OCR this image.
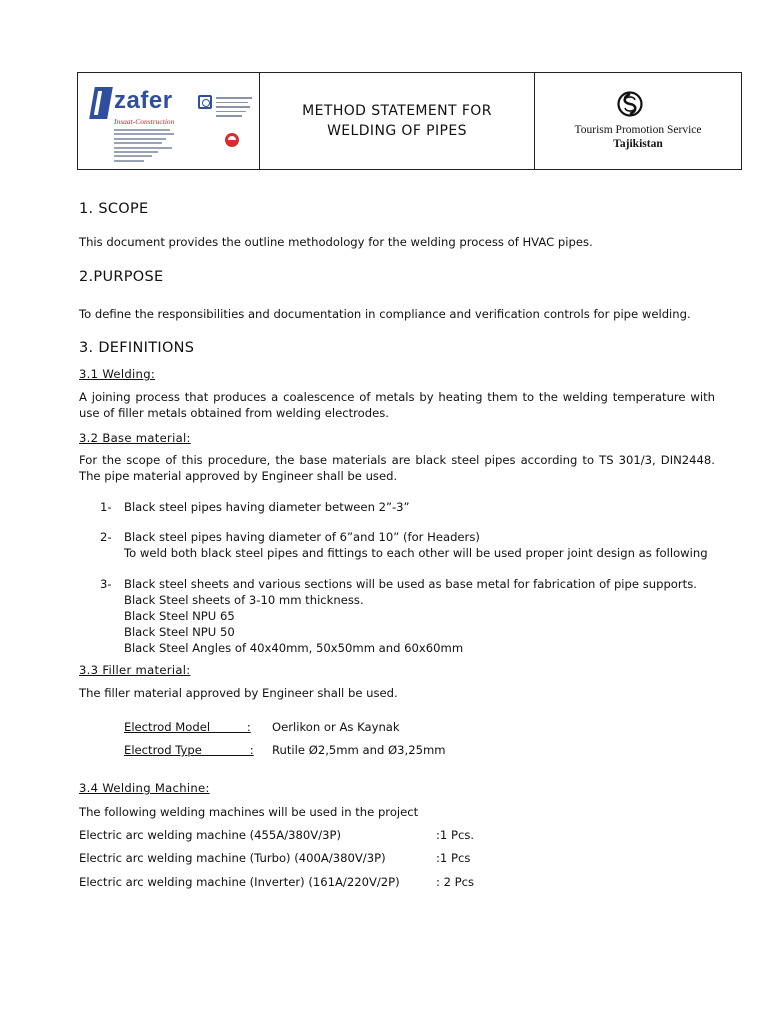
zafer
Insaat-Construction
METHOD STATEMENT FOR
WELDING OF PIPES	Tourism Promotion Service
Tajikistan
1. SCOPE
This document provides the outline methodology for the welding process of HVAC pipes.
2.PURPOSE
To define the responsibilities and documentation in compliance and verification controls for pipe welding.
3. DEFINITIONS
3.1 Welding:
A joining process that produces a coalescence of metals by heating them to the welding temperature with use of filler metals obtained from welding electrodes.
3.2 Base material:
For the scope of this procedure, the base materials are black steel pipes according to TS 301/3, DIN2448. The pipe material approved by Engineer shall be used.
1- Black steel pipes having diameter between 2”-3”
2- Black steel pipes having diameter of 6”and 10” (for Headers)
To weld both black steel pipes and fittings to each other will be used proper joint design as following
3- Black steel sheets and various sections will be used as base metal for fabrication of pipe supports.
Black Steel sheets of 3-10 mm thickness.
Black Steel NPU 65
Black Steel NPU 50
Black Steel Angles of 40x40mm, 50x50mm and 60x60mm
3.3 Filler material:
The filler material approved by Engineer shall be used.
Electrod Model          : Oerlikon or As Kaynak
Electrod Type             : Rutile Ø2,5mm and Ø3,25mm
3.4 Welding Machine:
The following welding machines will be used in the project
Electric arc welding machine (455A/380V/3P)	:1 Pcs.
Electric arc welding machine (Turbo) (400A/380V/3P)	:1 Pcs
Electric arc welding machine (Inverter) (161A/220V/2P)	: 2 Pcs
